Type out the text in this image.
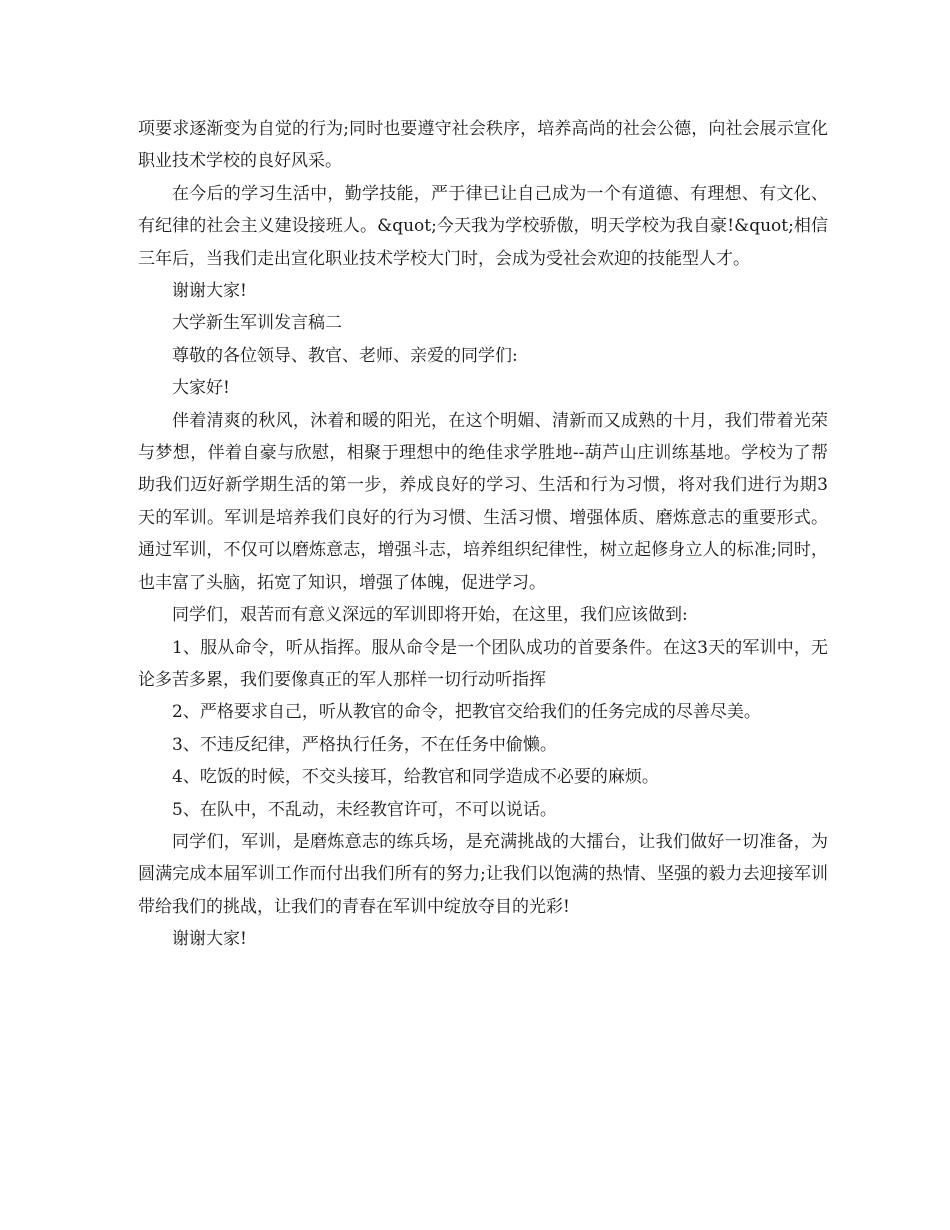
项要求逐渐变为自觉的行为;同时也要遵守社会秩序，培养高尚的社会公德，向社会展示宣化职业技术学校的良好风采。

在今后的学习生活中，勤学技能，严于律已让自己成为一个有道德、有理想、有文化、有纪律的社会主义建设接班人。&quot;今天我为学校骄傲，明天学校为我自豪!&quot;相信三年后，当我们走出宣化职业技术学校大门时，会成为受社会欢迎的技能型人才。

谢谢大家!

大学新生军训发言稿二

尊敬的各位领导、教官、老师、亲爱的同学们:

大家好!

伴着清爽的秋风，沐着和暖的阳光，在这个明媚、清新而又成熟的十月，我们带着光荣与梦想，伴着自豪与欣慰，相聚于理想中的绝佳求学胜地--葫芦山庄训练基地。学校为了帮助我们迈好新学期生活的第一步，养成良好的学习、生活和行为习惯，将对我们进行为期3天的军训。军训是培养我们良好的行为习惯、生活习惯、增强体质、磨炼意志的重要形式。通过军训，不仅可以磨炼意志，增强斗志，培养组织纪律性，树立起修身立人的标准;同时，也丰富了头脑，拓宽了知识，增强了体魄，促进学习。

同学们，艰苦而有意义深远的军训即将开始，在这里，我们应该做到:

1、服从命令，听从指挥。服从命令是一个团队成功的首要条件。在这3天的军训中，无论多苦多累，我们要像真正的军人那样一切行动听指挥

2、严格要求自己，听从教官的命令，把教官交给我们的任务完成的尽善尽美。

3、不违反纪律，严格执行任务，不在任务中偷懒。

4、吃饭的时候，不交头接耳，给教官和同学造成不必要的麻烦。

5、在队中，不乱动，未经教官许可，不可以说话。

同学们，军训，是磨炼意志的练兵场，是充满挑战的大擂台，让我们做好一切准备，为圆满完成本届军训工作而付出我们所有的努力;让我们以饱满的热情、坚强的毅力去迎接军训带给我们的挑战，让我们的青春在军训中绽放夺目的光彩!

谢谢大家!
